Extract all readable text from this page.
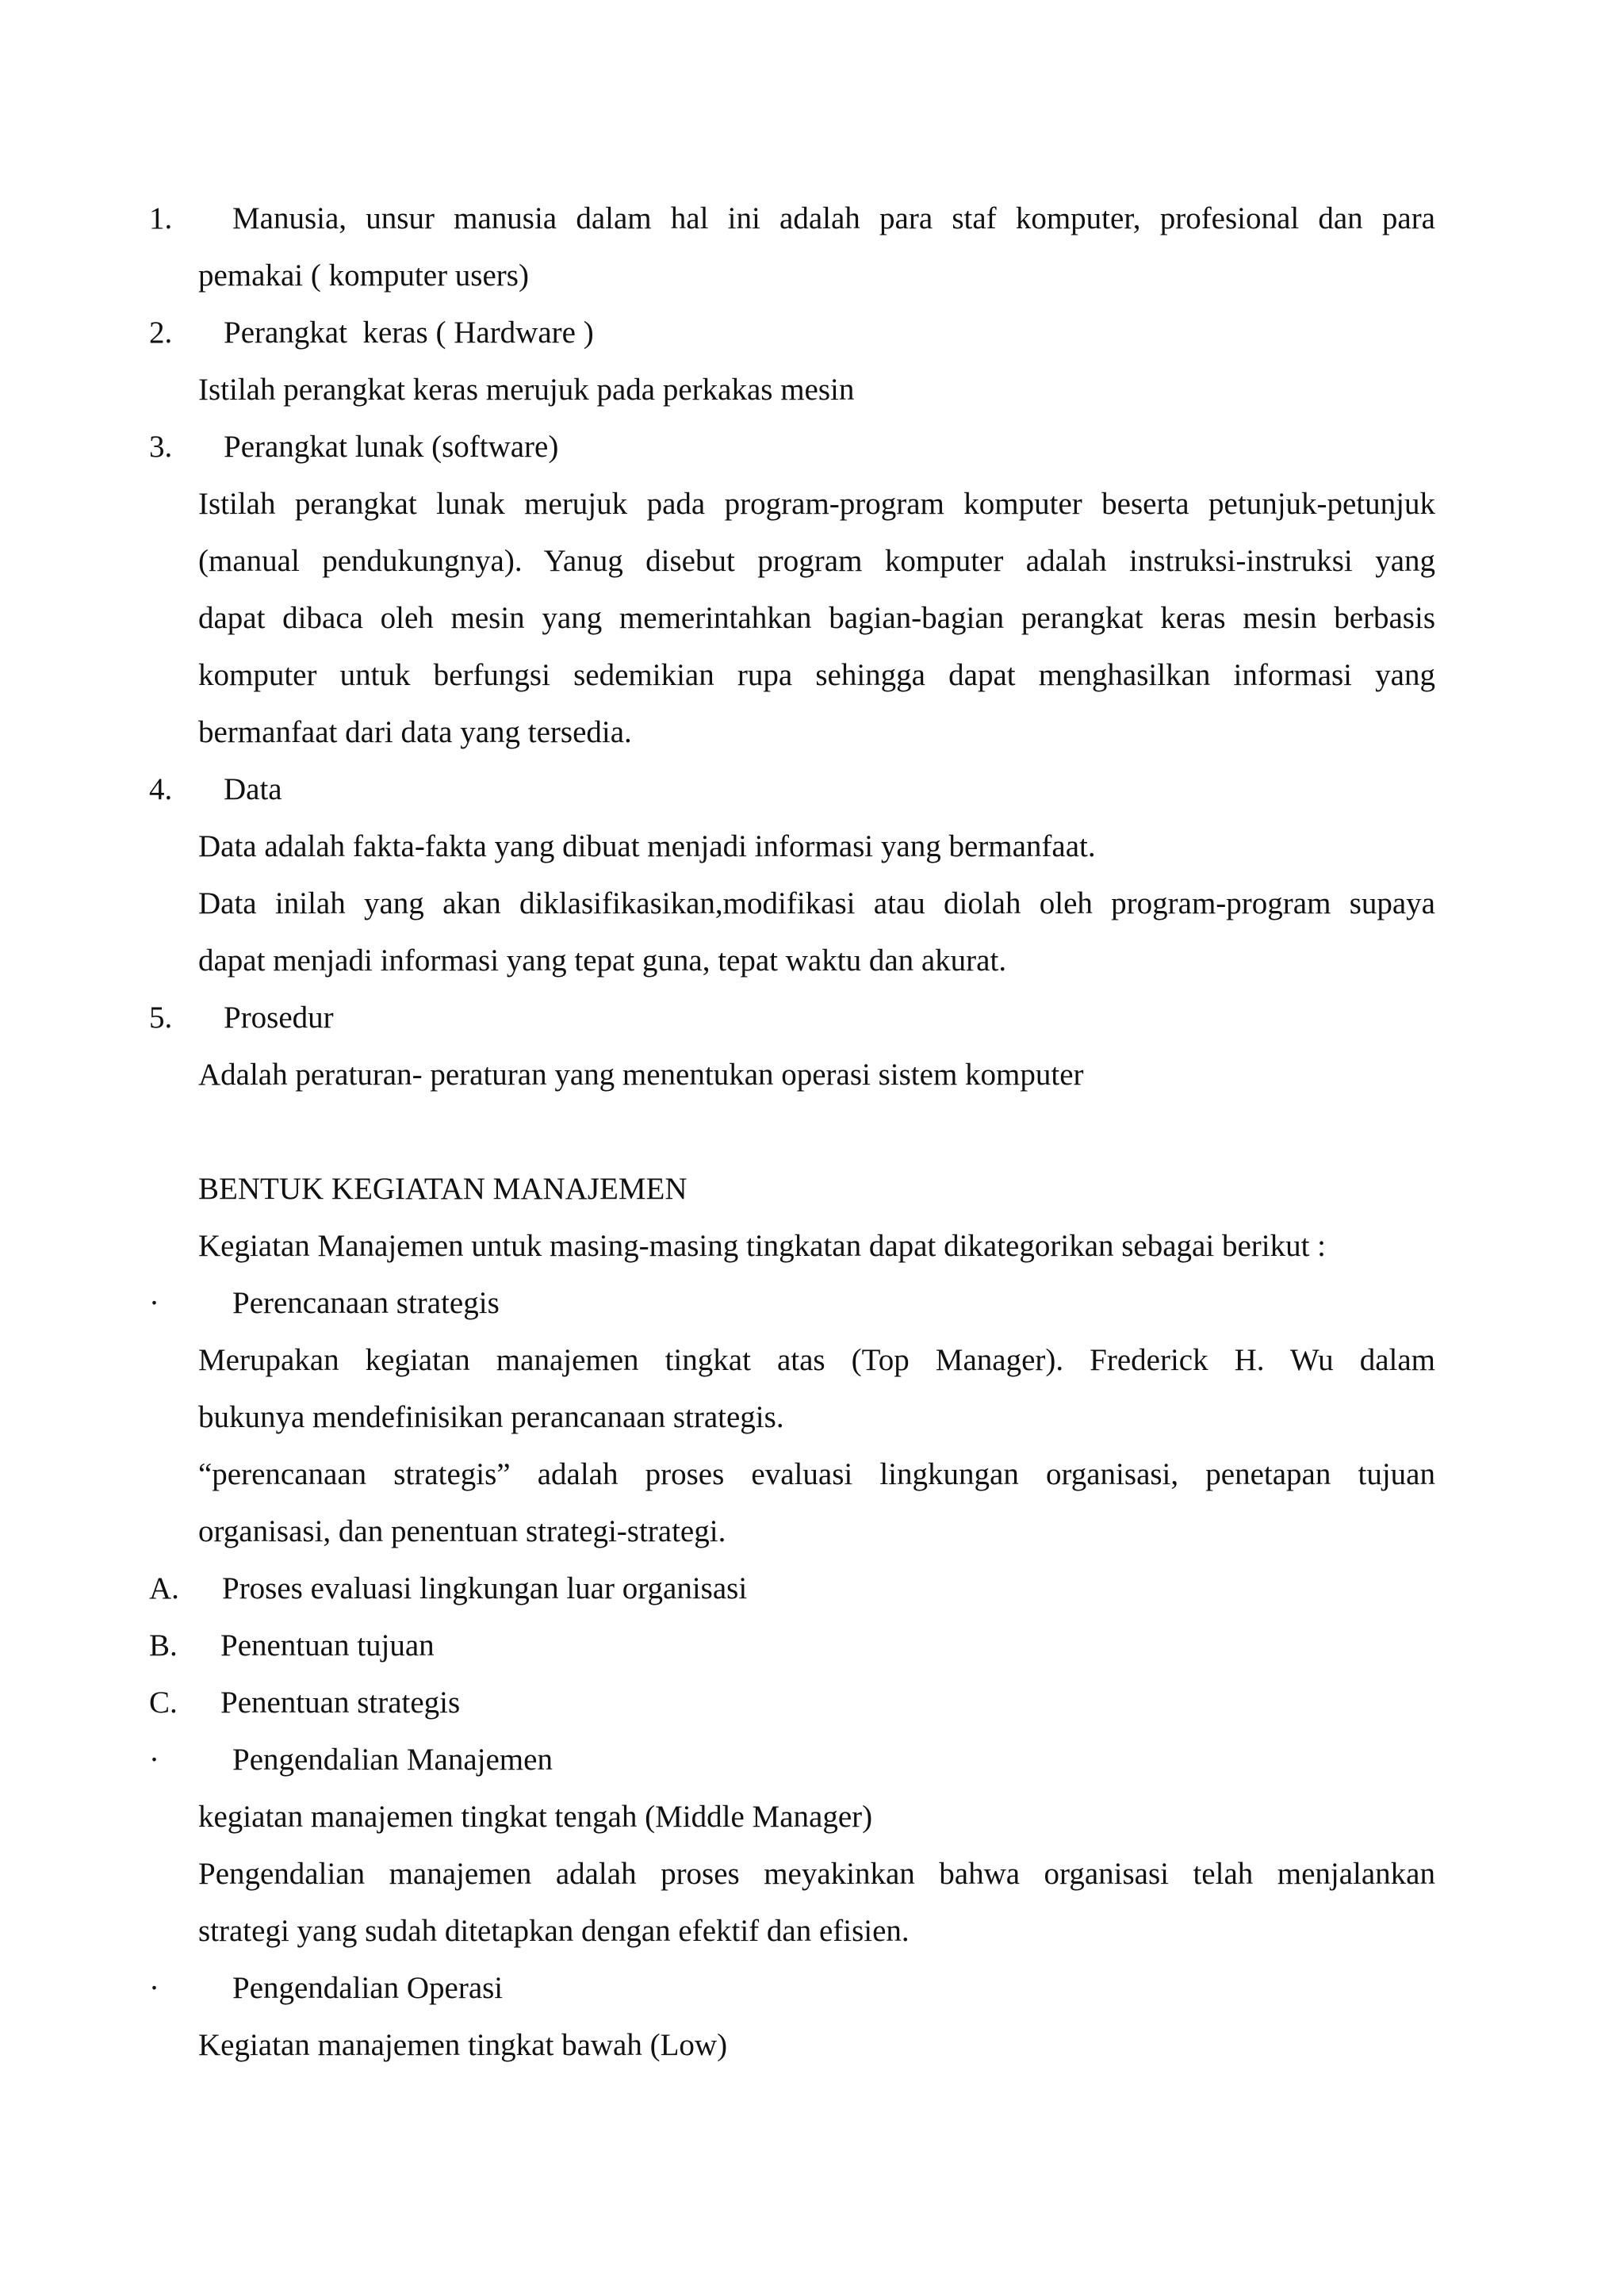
1. Manusia, unsur manusia dalam hal ini adalah para staf komputer, profesional dan para
pemakai ( komputer users)
2. Perangkat  keras ( Hardware )
Istilah perangkat keras merujuk pada perkakas mesin
3. Perangkat lunak (software)
Istilah perangkat lunak merujuk pada program-program komputer beserta petunjuk-petunjuk
(manual pendukungnya). Yanug disebut program komputer adalah instruksi-instruksi yang
dapat dibaca oleh mesin yang memerintahkan bagian-bagian perangkat keras mesin berbasis
komputer untuk berfungsi sedemikian rupa sehingga dapat menghasilkan informasi yang
bermanfaat dari data yang tersedia.
4. Data
Data adalah fakta-fakta yang dibuat menjadi informasi yang bermanfaat.
Data inilah yang akan diklasifikasikan,modifikasi atau diolah oleh program-program supaya
dapat menjadi informasi yang tepat guna, tepat waktu dan akurat.
5. Prosedur
Adalah peraturan- peraturan yang menentukan operasi sistem komputer
BENTUK KEGIATAN MANAJEMEN
Kegiatan Manajemen untuk masing-masing tingkatan dapat dikategorikan sebagai berikut :
· Perencanaan strategis
Merupakan kegiatan manajemen tingkat atas (Top Manager). Frederick H. Wu dalam
bukunya mendefinisikan perancanaan strategis.
“perencanaan strategis” adalah proses evaluasi lingkungan organisasi, penetapan tujuan
organisasi, dan penentuan strategi-strategi.
A. Proses evaluasi lingkungan luar organisasi
B. Penentuan tujuan
C. Penentuan strategis
· Pengendalian Manajemen
kegiatan manajemen tingkat tengah (Middle Manager)
Pengendalian manajemen adalah proses meyakinkan bahwa organisasi telah menjalankan
strategi yang sudah ditetapkan dengan efektif dan efisien.
· Pengendalian Operasi
Kegiatan manajemen tingkat bawah (Low)
